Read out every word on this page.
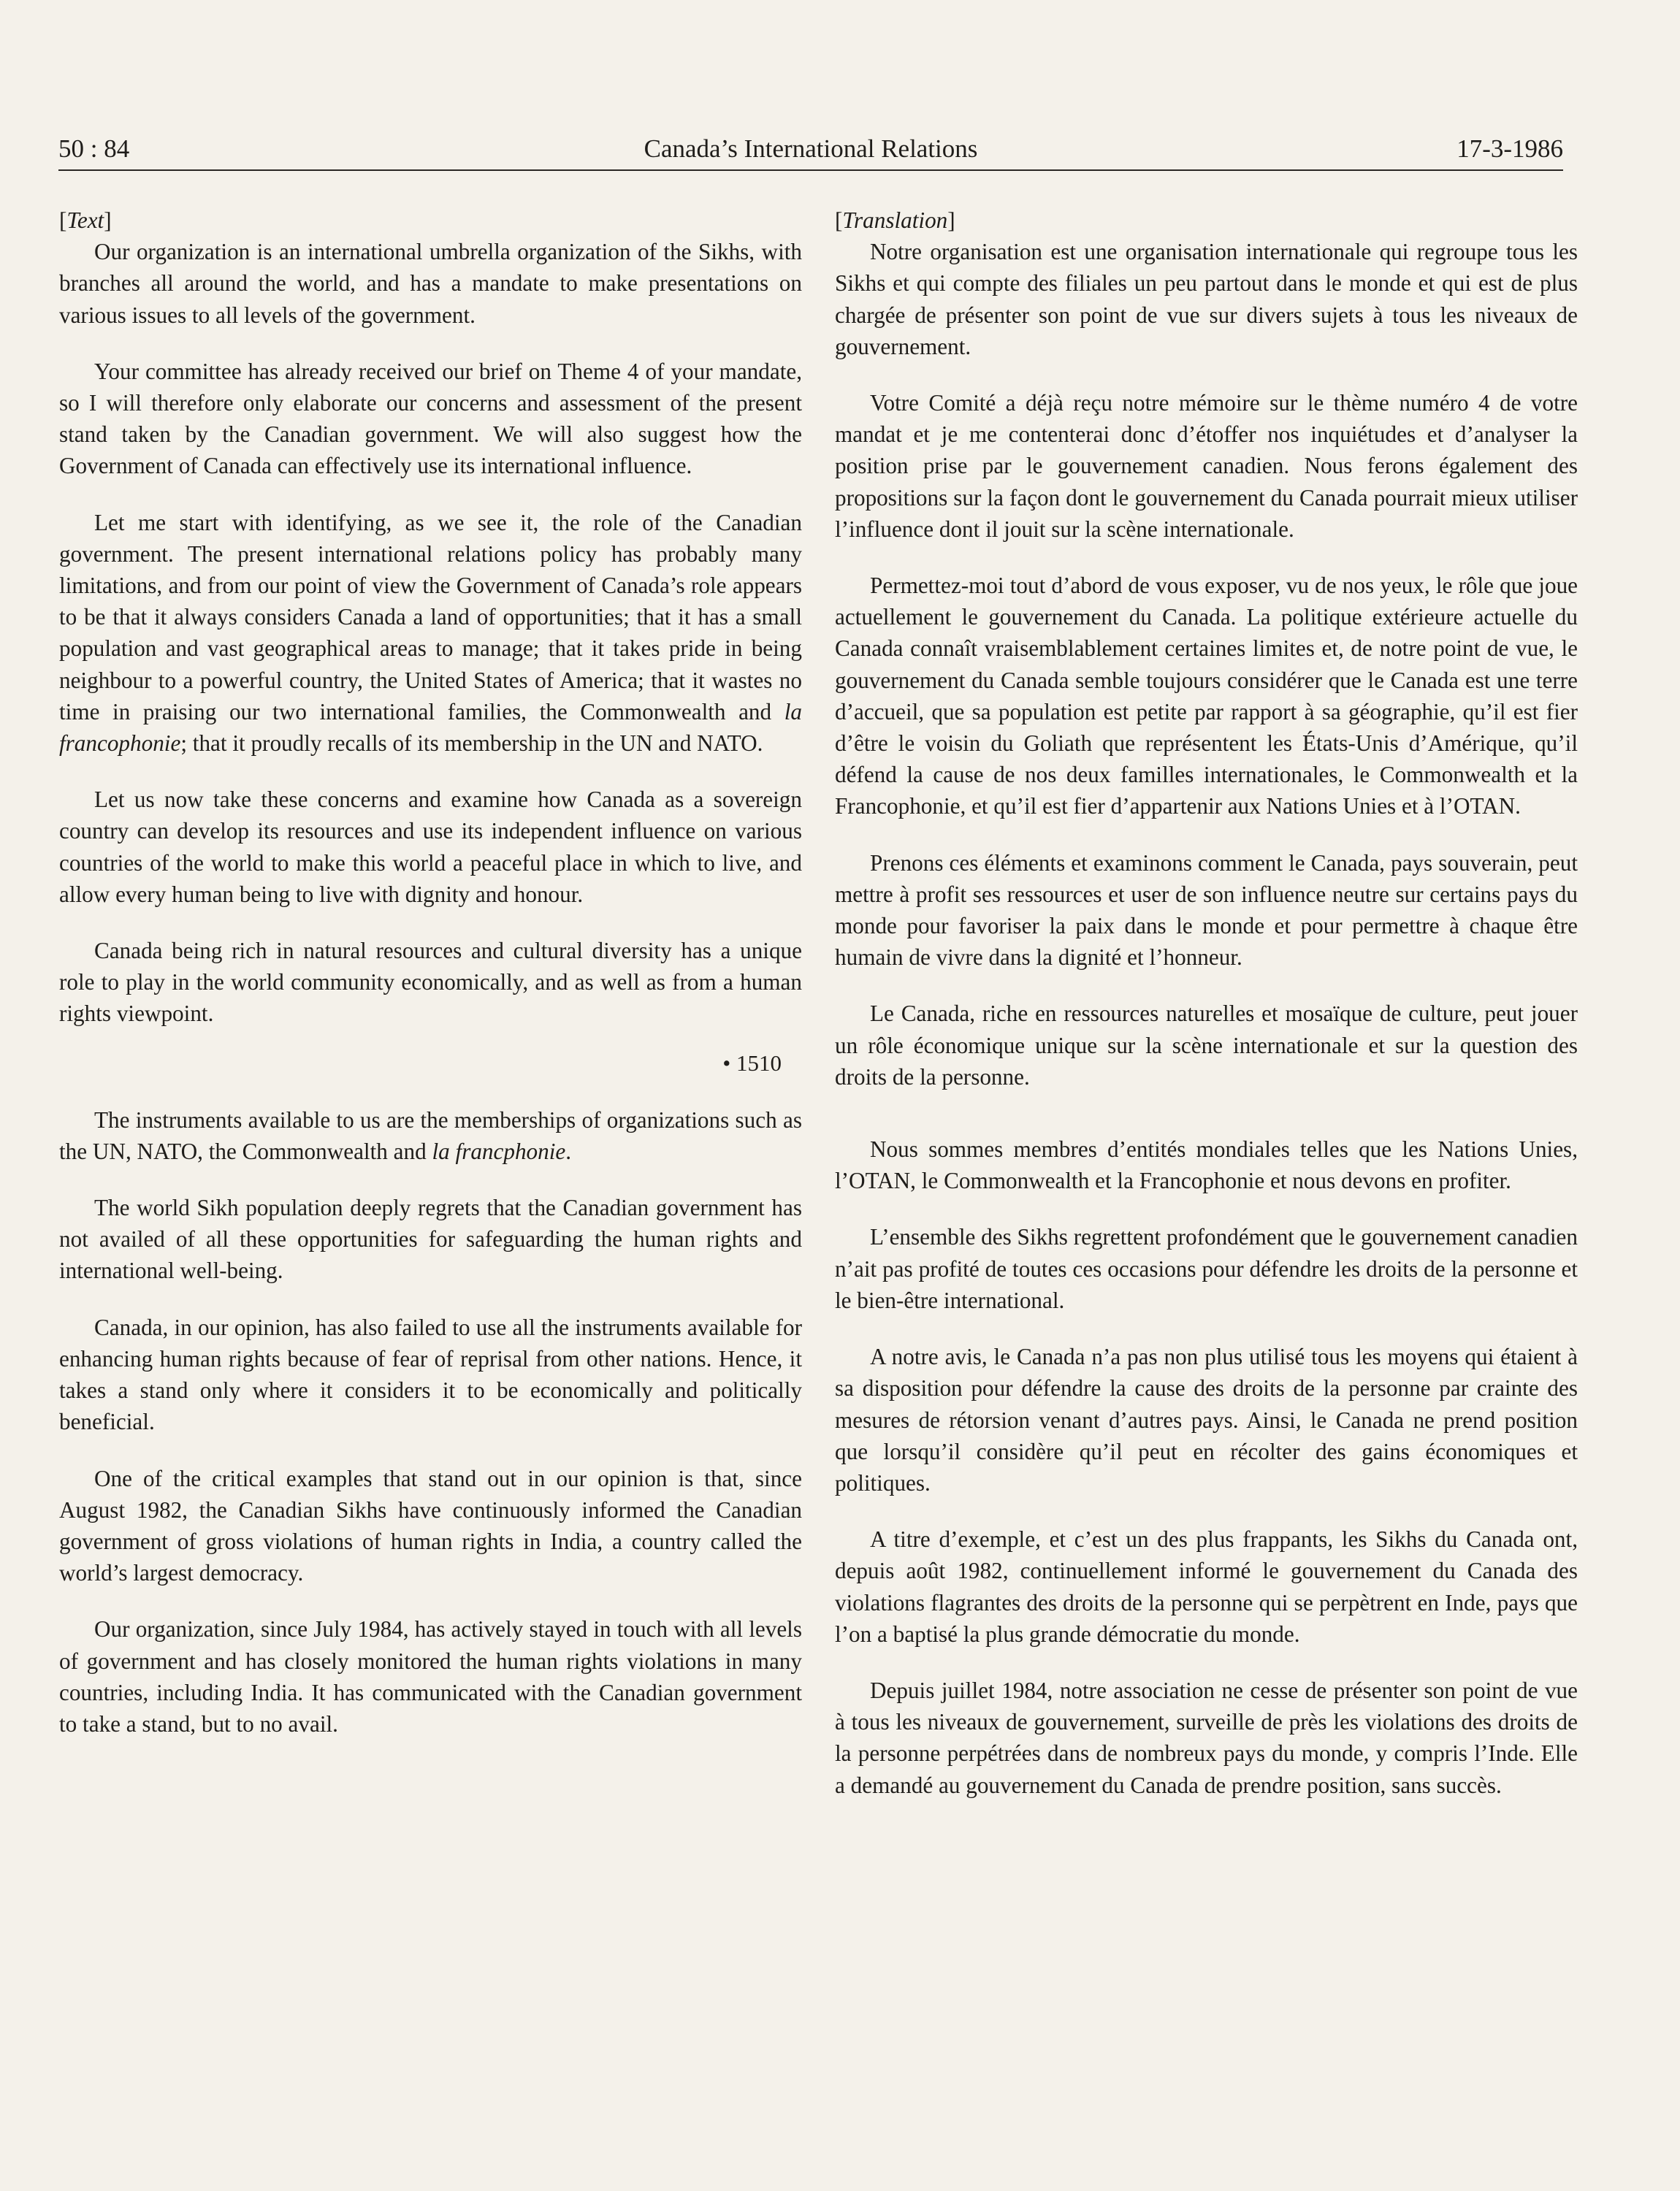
50 : 84	Canada’s International Relations	17-3-1986
[Text]

Our organization is an international umbrella organization of the Sikhs, with branches all around the world, and has a mandate to make presentations on various issues to all levels of the government.

Your committee has already received our brief on Theme 4 of your mandate, so I will therefore only elaborate our concerns and assessment of the present stand taken by the Canadian government. We will also suggest how the Government of Canada can effectively use its international influence.

Let me start with identifying, as we see it, the role of the Canadian government. The present international relations policy has probably many limitations, and from our point of view the Government of Canada’s role appears to be that it always considers Canada a land of opportunities; that it has a small population and vast geographical areas to manage; that it takes pride in being neighbour to a powerful country, the United States of America; that it wastes no time in praising our two international families, the Commonwealth and la francophonie; that it proudly recalls of its membership in the UN and NATO.

Let us now take these concerns and examine how Canada as a sovereign country can develop its resources and use its independent influence on various countries of the world to make this world a peaceful place in which to live, and allow every human being to live with dignity and honour.

Canada being rich in natural resources and cultural diversity has a unique role to play in the world community economically, and as well as from a human rights viewpoint.

• 1510

The instruments available to us are the memberships of organizations such as the UN, NATO, the Commonwealth and la francphonie.

The world Sikh population deeply regrets that the Canadian government has not availed of all these opportunities for safeguarding the human rights and international well-being.

Canada, in our opinion, has also failed to use all the instruments available for enhancing human rights because of fear of reprisal from other nations. Hence, it takes a stand only where it considers it to be economically and politically beneficial.

One of the critical examples that stand out in our opinion is that, since August 1982, the Canadian Sikhs have continuously informed the Canadian government of gross violations of human rights in India, a country called the world’s largest democracy.

Our organization, since July 1984, has actively stayed in touch with all levels of government and has closely monitored the human rights violations in many countries, including India. It has communicated with the Canadian government to take a stand, but to no avail.

[Translation]

Notre organisation est une organisation internationale qui regroupe tous les Sikhs et qui compte des filiales un peu partout dans le monde et qui est de plus chargée de présenter son point de vue sur divers sujets à tous les niveaux de gouvernement.

Votre Comité a déjà reçu notre mémoire sur le thème numéro 4 de votre mandat et je me contenterai donc d’étoffer nos inquiétudes et d’analyser la position prise par le gouvernement canadien. Nous ferons également des propositions sur la façon dont le gouvernement du Canada pourrait mieux utiliser l’influence dont il jouit sur la scène internationale.

Permettez-moi tout d’abord de vous exposer, vu de nos yeux, le rôle que joue actuellement le gouvernement du Canada. La politique extérieure actuelle du Canada connaît vraisemblablement certaines limites et, de notre point de vue, le gouvernement du Canada semble toujours considérer que le Canada est une terre d’accueil, que sa population est petite par rapport à sa géographie, qu’il est fier d’être le voisin du Goliath que représentent les États-Unis d’Amérique, qu’il défend la cause de nos deux familles internationales, le Commonwealth et la Francophonie, et qu’il est fier d’appartenir aux Nations Unies et à l’OTAN.

Prenons ces éléments et examinons comment le Canada, pays souverain, peut mettre à profit ses ressources et user de son influence neutre sur certains pays du monde pour favoriser la paix dans le monde et pour permettre à chaque être humain de vivre dans la dignité et l’honneur.

Le Canada, riche en ressources naturelles et mosaïque de culture, peut jouer un rôle économique unique sur la scène internationale et sur la question des droits de la personne.

Nous sommes membres d’entités mondiales telles que les Nations Unies, l’OTAN, le Commonwealth et la Francophonie et nous devons en profiter.

L’ensemble des Sikhs regrettent profondément que le gouvernement canadien n’ait pas profité de toutes ces occasions pour défendre les droits de la personne et le bien-être international.

A notre avis, le Canada n’a pas non plus utilisé tous les moyens qui étaient à sa disposition pour défendre la cause des droits de la personne par crainte des mesures de rétorsion venant d’autres pays. Ainsi, le Canada ne prend position que lorsqu’il considère qu’il peut en récolter des gains économiques et politiques.

A titre d’exemple, et c’est un des plus frappants, les Sikhs du Canada ont, depuis août 1982, continuellement informé le gouvernement du Canada des violations flagrantes des droits de la personne qui se perpètrent en Inde, pays que l’on a baptisé la plus grande démocratie du monde.

Depuis juillet 1984, notre association ne cesse de présenter son point de vue à tous les niveaux de gouvernement, surveille de près les violations des droits de la personne perpétrées dans de nombreux pays du monde, y compris l’Inde. Elle a demandé au gouvernement du Canada de prendre position, sans succès.
